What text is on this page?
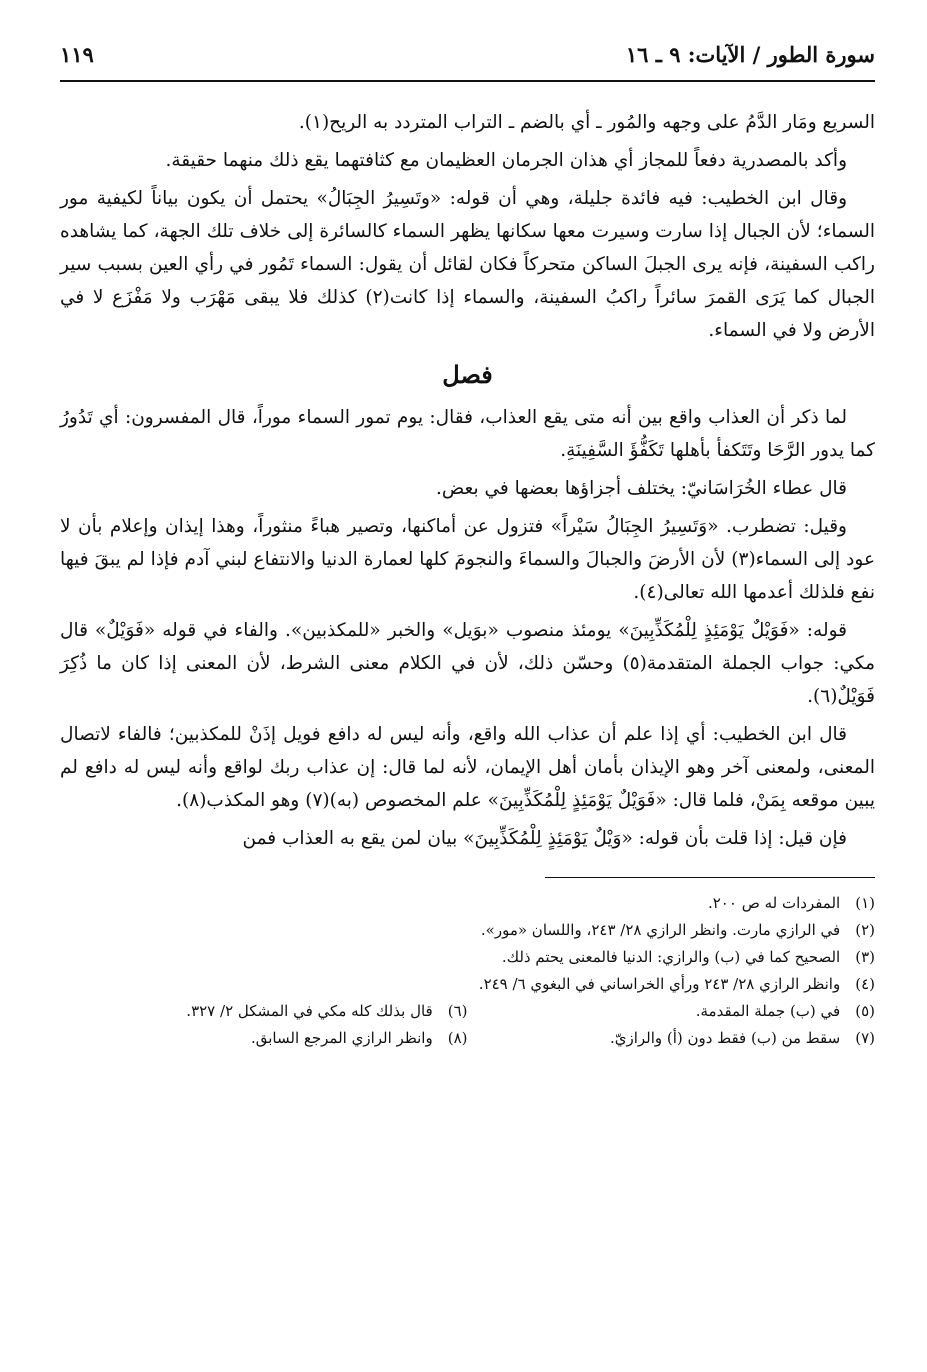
سورة الطور / الآيات: ٩ ـ ١٦
١١٩

السريع ومَار الدَّمُ على وجهه والمُور ـ أي بالضم ـ التراب المتردد به الريح(١).

وأكد بالمصدرية دفعاً للمجاز أي هذان الجرمان العظيمان مع كثافتهما يقع ذلك منهما حقيقة.

وقال ابن الخطيب: فيه فائدة جليلة، وهي أن قوله: «وتَسِيرُ الجِبَالُ» يحتمل أن يكون بياناً لكيفية مور السماء؛ لأن الجبال إذا سارت وسيرت معها سكانها يظهر السماء كالسائرة إلى خلاف تلك الجهة، كما يشاهده راكب السفينة، فإنه يرى الجبلَ الساكن متحركاً فكان لقائل أن يقول: السماء تَمُور في رأي العين بسبب سير الجبال كما يَرَى القمرَ سائراً راكبُ السفينة، والسماء إذا كانت(٢) كذلك فلا يبقى مَهْرَب ولا مَفْزَع لا في الأرض ولا في السماء.

فصل

لما ذكر أن العذاب واقع بين أنه متى يقع العذاب، فقال: يوم تمور السماء موراً، قال المفسرون: أي تَدُورُ كما يدور الرَّحَا وتَتَكفأ بأهلها تَكَفُّؤَ السَّفِينَةِ.

قال عطاء الخُرَاسَانيّ: يختلف أجزاؤها بعضها في بعض.

وقيل: تضطرب. «وَتَسِيرُ الجِبَالُ سَيْراً» فتزول عن أماكنها، وتصير هباءً منثوراً، وهذا إيذان وإعلام بأن لا عود إلى السماء(٣) لأن الأرضَ والجبالَ والسماءَ والنجومَ كلها لعمارة الدنيا والانتفاع لبني آدم فإذا لم يبقَ فيها نفع فلذلك أعدمها الله تعالى(٤).

قوله: «فَوَيْلٌ يَوْمَئِذٍ لِلْمُكَذِّبِينَ» يومئذ منصوب «بوَيل» والخبر «للمكذبين». والفاء في قوله «فَوَيْلٌ» قال مكي: جواب الجملة المتقدمة(٥) وحسّن ذلك، لأن في الكلام معنى الشرط، لأن المعنى إذا كان ما ذُكِرَ فَوَيْلٌ(٦).

قال ابن الخطيب: أي إذا علم أن عذاب الله واقع، وأنه ليس له دافع فويل إذَنْ للمكذبين؛ فالفاء لاتصال المعنى، ولمعنى آخر وهو الإيذان بأمان أهل الإيمان، لأنه لما قال: إن عذاب ربك لواقع وأنه ليس له دافع لم يبين موقعه بِمَنْ، فلما قال: «فَوَيْلٌ يَوْمَئِذٍ لِلْمُكَذِّبِينَ» علم المخصوص (به)(٧) وهو المكذب(٨).

فإن قيل: إذا قلت بأن قوله: «وَيْلٌ يَوْمَئِذٍ لِلْمُكَذِّبِينَ» بيان لمن يقع به العذاب فمن

(١) المفردات له ص ٢٠٠.

(٢) في الرازي مارت. وانظر الرازي ٢٨/ ٢٤٣، واللسان «مور».

(٣) الصحيح كما في (ب) والرازي: الدنيا فالمعنى يحتم ذلك.

(٤) وانظر الرازي ٢٨/ ٢٤٣ ورأي الخراساني في البغوي ٦/ ٢٤٩.

(٥) في (ب) جملة المقدمة.

(٦) قال بذلك كله مكي في المشكل ٢/ ٣٢٧.

(٧) سقط من (ب) فقط دون (أ) والرازيّ.

(٨) وانظر الرازي المرجع السابق.
